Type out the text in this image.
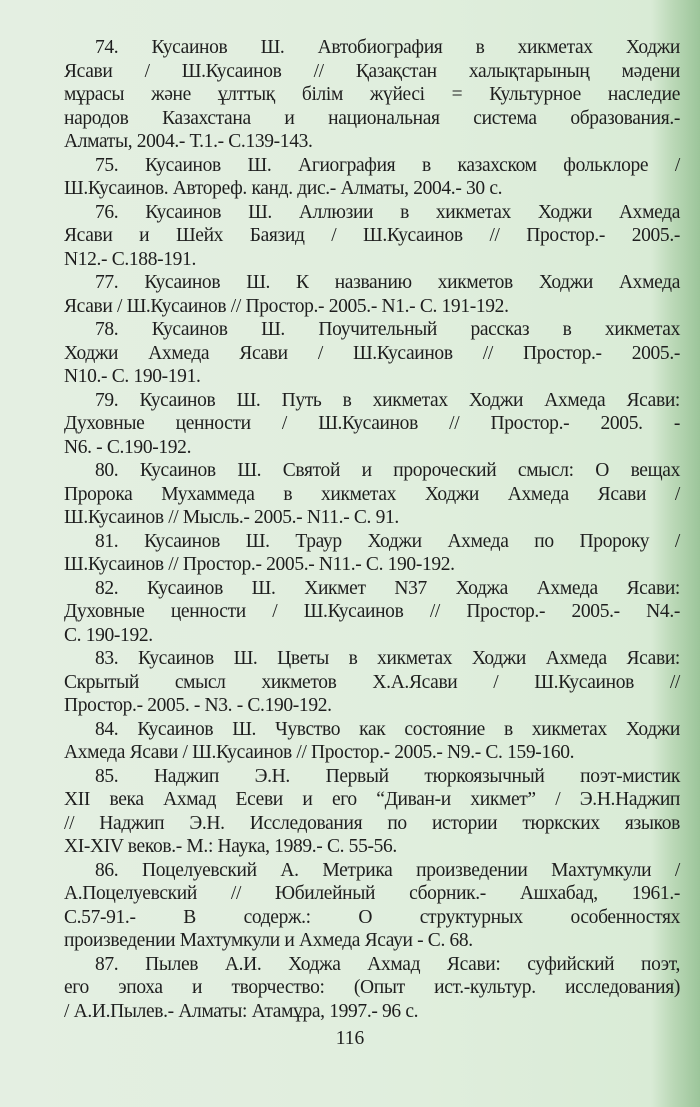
74. Кусаинов Ш. Автобиография в хикметах Ходжи
Ясави / Ш.Кусаинов // Қазақстан халықтарының мәдени
мұрасы және ұлттық білім жүйесі = Культурное наследие
народов Казахстана и национальная система образования.-
Алматы, 2004.- Т.1.- С.139-143.
75. Кусаинов Ш. Агиография в казахском фольклоре /
Ш.Кусаинов. Автореф. канд. дис.- Алматы, 2004.- 30 с.
76. Кусаинов Ш. Аллюзии в хикметах Ходжи Ахмеда
Ясави и Шейх Баязид / Ш.Кусаинов // Простор.- 2005.-
N12.- С.188-191.
77. Кусаинов Ш. К названию хикметов Ходжи Ахмеда
Ясави / Ш.Кусаинов // Простор.- 2005.- N1.- С. 191-192.
78. Кусаинов Ш. Поучительный рассказ в хикметах
Ходжи Ахмеда Ясави / Ш.Кусаинов // Простор.- 2005.-
N10.- С. 190-191.
79. Кусаинов Ш. Путь в хикметах Ходжи Ахмеда Ясави:
Духовные ценности / Ш.Кусаинов // Простор.- 2005. -
N6. - С.190-192.
80. Кусаинов Ш. Святой и пророческий смысл: О вещах
Пророка Мухаммеда в хикметах Ходжи Ахмеда Ясави /
Ш.Кусаинов // Мысль.- 2005.- N11.- С. 91.
81. Кусаинов Ш. Траур Ходжи Ахмеда по Пророку /
Ш.Кусаинов // Простор.- 2005.- N11.- С. 190-192.
82. Кусаинов Ш. Хикмет N37 Ходжа Ахмеда Ясави:
Духовные ценности / Ш.Кусаинов // Простор.- 2005.- N4.-
С. 190-192.
83. Кусаинов Ш. Цветы в хикметах Ходжи Ахмеда Ясави:
Скрытый смысл хикметов Х.А.Ясави / Ш.Кусаинов //
Простор.- 2005. - N3. - С.190-192.
84. Кусаинов Ш. Чувство как состояние в хикметах Ходжи
Ахмеда Ясави / Ш.Кусаинов // Простор.- 2005.- N9.- С. 159-160.
85. Наджип Э.Н. Первый тюркоязычный поэт-мистик
XII века Ахмад Есеви и его “Диван-и хикмет” / Э.Н.Наджип
// Наджип Э.Н. Исследования по истории тюркских языков
XI-XIV веков.- М.: Наука, 1989.- С. 55-56.
86. Поцелуевский А. Метрика произведении Махтумкули /
А.Поцелуевский // Юбилейный сборник.- Ашхабад, 1961.-
С.57-91.- В содерж.: О структурных особенностях
произведении Махтумкули и Ахмеда Ясауи - С. 68.
87. Пылев А.И. Ходжа Ахмад Ясави: суфийский поэт,
его эпоха и творчество: (Опыт ист.-культур. исследования)
/ А.И.Пылев.- Алматы: Атамұра, 1997.- 96 с.
116
